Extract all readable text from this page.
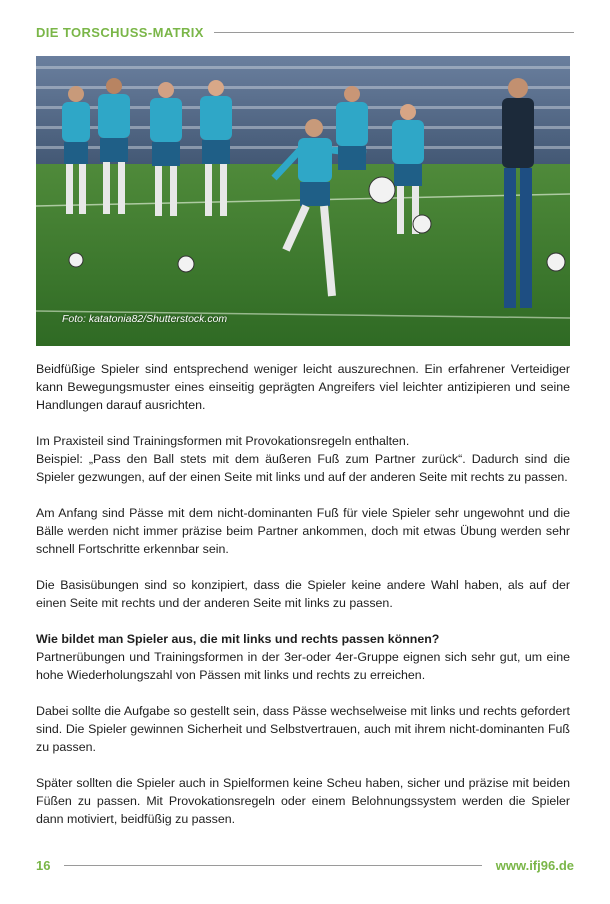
DIE TORSCHUSS-MATRIX
Foto: katatonia82/Shutterstock.com

Beidfüßige Spieler sind entsprechend weniger leicht auszurechnen. Ein erfahrener Verteidiger kann Bewegungsmuster eines einseitig geprägten Angreifers viel leichter antizipieren und seine Handlungen darauf ausrichten.

Im Praxisteil sind Trainingsformen mit Provokationsregeln enthalten.

Beispiel: „Pass den Ball stets mit dem äußeren Fuß zum Partner zurück“. Dadurch sind die Spieler gezwungen, auf der einen Seite mit links und auf der anderen Seite mit rechts zu passen.

Am Anfang sind Pässe mit dem nicht-dominanten Fuß für viele Spieler sehr ungewohnt und die Bälle werden nicht immer präzise beim Partner ankommen, doch mit etwas Übung werden sehr schnell Fortschritte erkennbar sein.

Die Basisübungen sind so konzipiert, dass die Spieler keine andere Wahl haben, als auf der einen Seite mit rechts und der anderen Seite mit links zu passen.

Wie bildet man Spieler aus, die mit links und rechts passen können?

Partnerübungen und Trainingsformen in der 3er-oder 4er-Gruppe eignen sich sehr gut, um eine hohe Wiederholungszahl von Pässen mit links und rechts zu erreichen.

Dabei sollte die Aufgabe so gestellt sein, dass Pässe wechselweise mit links und rechts gefordert sind. Die Spieler gewinnen Sicherheit und Selbstvertrauen, auch mit ihrem nicht-dominanten Fuß zu passen.

Später sollten die Spieler auch in Spielformen keine Scheu haben, sicher und präzise mit beiden Füßen zu passen. Mit Provokationsregeln oder einem Belohnungssystem werden die Spieler dann motiviert, beidfüßig zu passen.

16	www.ifj96.de
